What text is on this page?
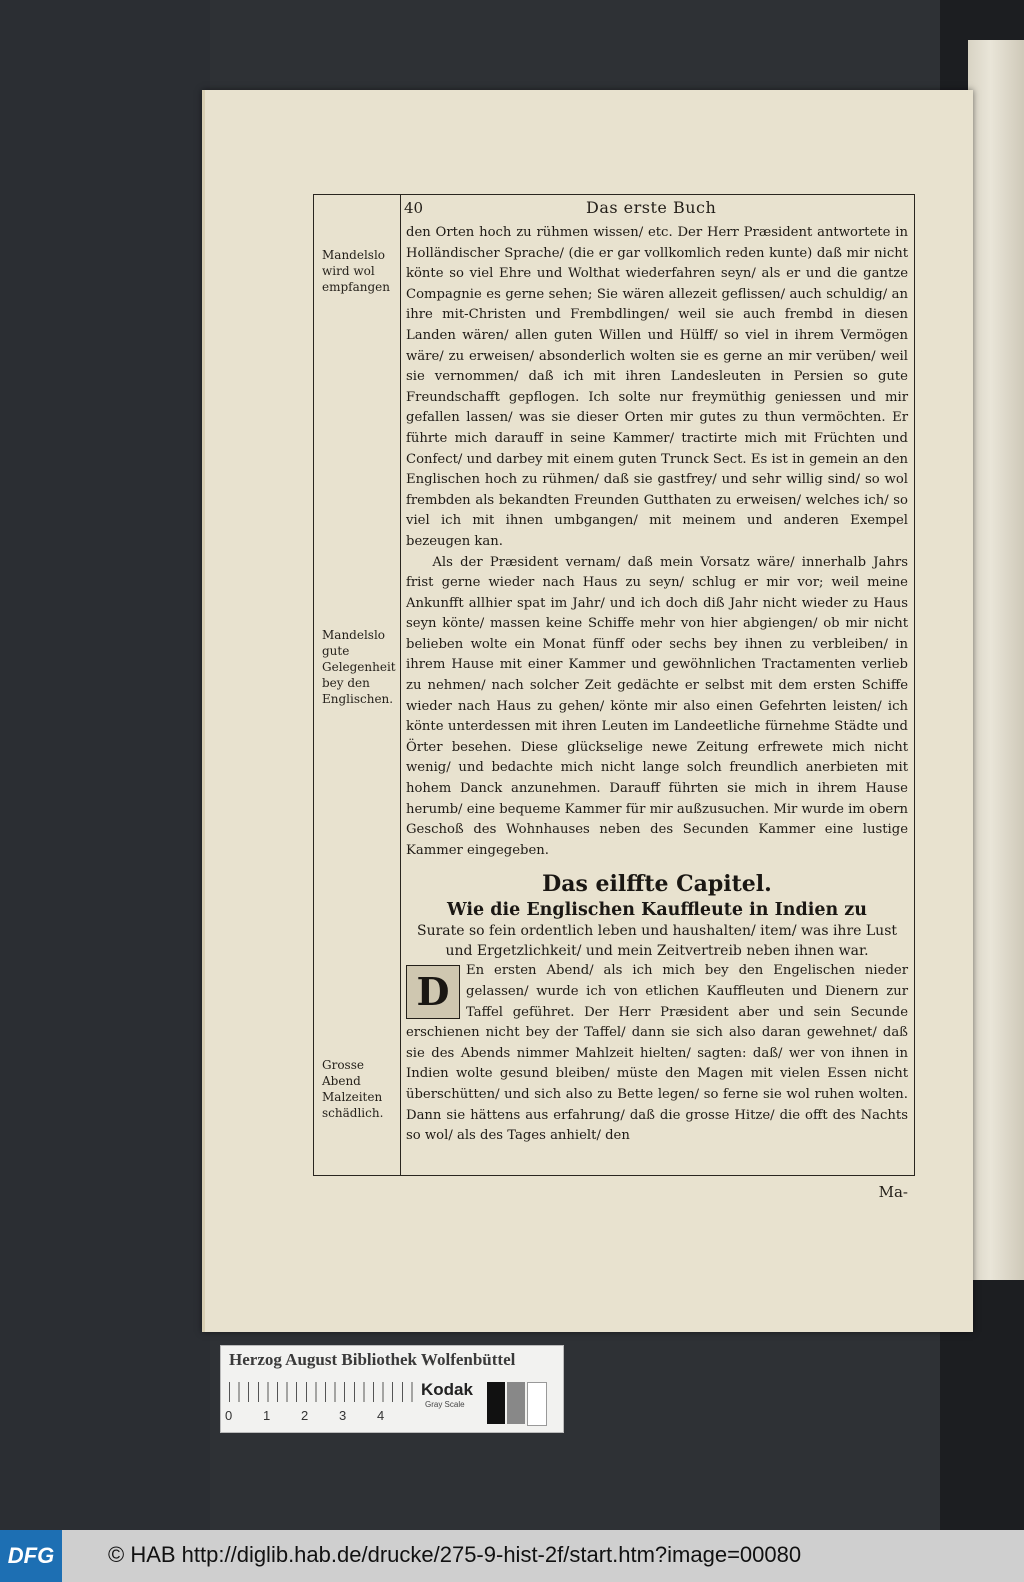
Mandelslo wird wol empfangen
Mandelslo gute Gelegenheit bey den Englischen.
Grosse Abend Malzeiten schädlich.
40	Das erste Buch

den Orten hoch zu rühmen wissen/ etc. Der Herr Præsident antwortete in Holländischer Sprache/ (die er gar vollkomlich reden kunte) daß mir nicht könte so viel Ehre und Wolthat wiederfahren seyn/ als er und die gantze Compagnie es gerne sehen; Sie wären allezeit geflissen/ auch schuldig/ an ihre mit-Christen und Frembdlingen/ weil sie auch frembd in diesen Landen wären/ allen guten Willen und Hülff/ so viel in ihrem Vermögen wäre/ zu erweisen/ absonderlich wolten sie es gerne an mir verüben/ weil sie vernommen/ daß ich mit ihren Landesleuten in Persien so gute Freundschafft gepflogen. Ich solte nur freymüthig geniessen und mir gefallen lassen/ was sie dieser Orten mir gutes zu thun vermöchten. Er führte mich darauff in seine Kammer/ tractirte mich mit Früchten und Confect/ und darbey mit einem guten Trunck Sect. Es ist in gemein an den Englischen hoch zu rühmen/ daß sie gastfrey/ und sehr willig sind/ so wol frembden als bekandten Freunden Gutthaten zu erweisen/ welches ich/ so viel ich mit ihnen umbgangen/ mit meinem und anderen Exempel bezeugen kan.

Als der Præsident vernam/ daß mein Vorsatz wäre/ innerhalb Jahrs frist gerne wieder nach Haus zu seyn/ schlug er mir vor; weil meine Ankunfft allhier spat im Jahr/ und ich doch diß Jahr nicht wieder zu Haus seyn könte/ massen keine Schiffe mehr von hier abgiengen/ ob mir nicht belieben wolte ein Monat fünff oder sechs bey ihnen zu verbleiben/ in ihrem Hause mit einer Kammer und gewöhnlichen Tractamenten verlieb zu nehmen/ nach solcher Zeit gedächte er selbst mit dem ersten Schiffe wieder nach Haus zu gehen/ könte mir also einen Gefehrten leisten/ ich könte unterdessen mit ihren Leuten im Landeetliche fürnehme Städte und Örter besehen. Diese glückselige newe Zeitung erfrewete mich nicht wenig/ und bedachte mich nicht lange solch freundlich anerbieten mit hohem Danck anzunehmen. Darauff führten sie mich in ihrem Hause herumb/ eine bequeme Kammer für mir außzusuchen. Mir wurde im obern Geschoß des Wohnhauses neben des Secunden Kammer eine lustige Kammer eingegeben.

Das eilffte Capitel.
Wie die Englischen Kauffleute in Indien zu
Surate so fein ordentlich leben und haushalten/ item/ was ihre Lust und Ergetzlichkeit/ und mein Zeitvertreib neben ihnen war.

D	En ersten Abend/ als ich mich bey den Engelischen nieder gelassen/ wurde ich von etlichen Kauffleuten und Dienern zur Taffel geführet. Der Herr Præsident aber und sein Secunde erschienen nicht bey der Taffel/ dann sie sich also daran gewehnet/ daß sie des Abends nimmer Mahlzeit hielten/ sagten: daß/ wer von ihnen in Indien wolte gesund bleiben/ müste den Magen mit vielen Essen nicht überschütten/ und sich also zu Bette legen/ so ferne sie wol ruhen wolten. Dann sie hättens aus erfahrung/ daß die grosse Hitze/ die offt des Nachts so wol/ als des Tages anhielt/ den

Ma-
Herzog August Bibliothek Wolfenbüttel
0 1 2 3 4
Kodak
Gray Scale
DFG	© HAB http://diglib.hab.de/drucke/275-9-hist-2f/start.htm?image=00080
